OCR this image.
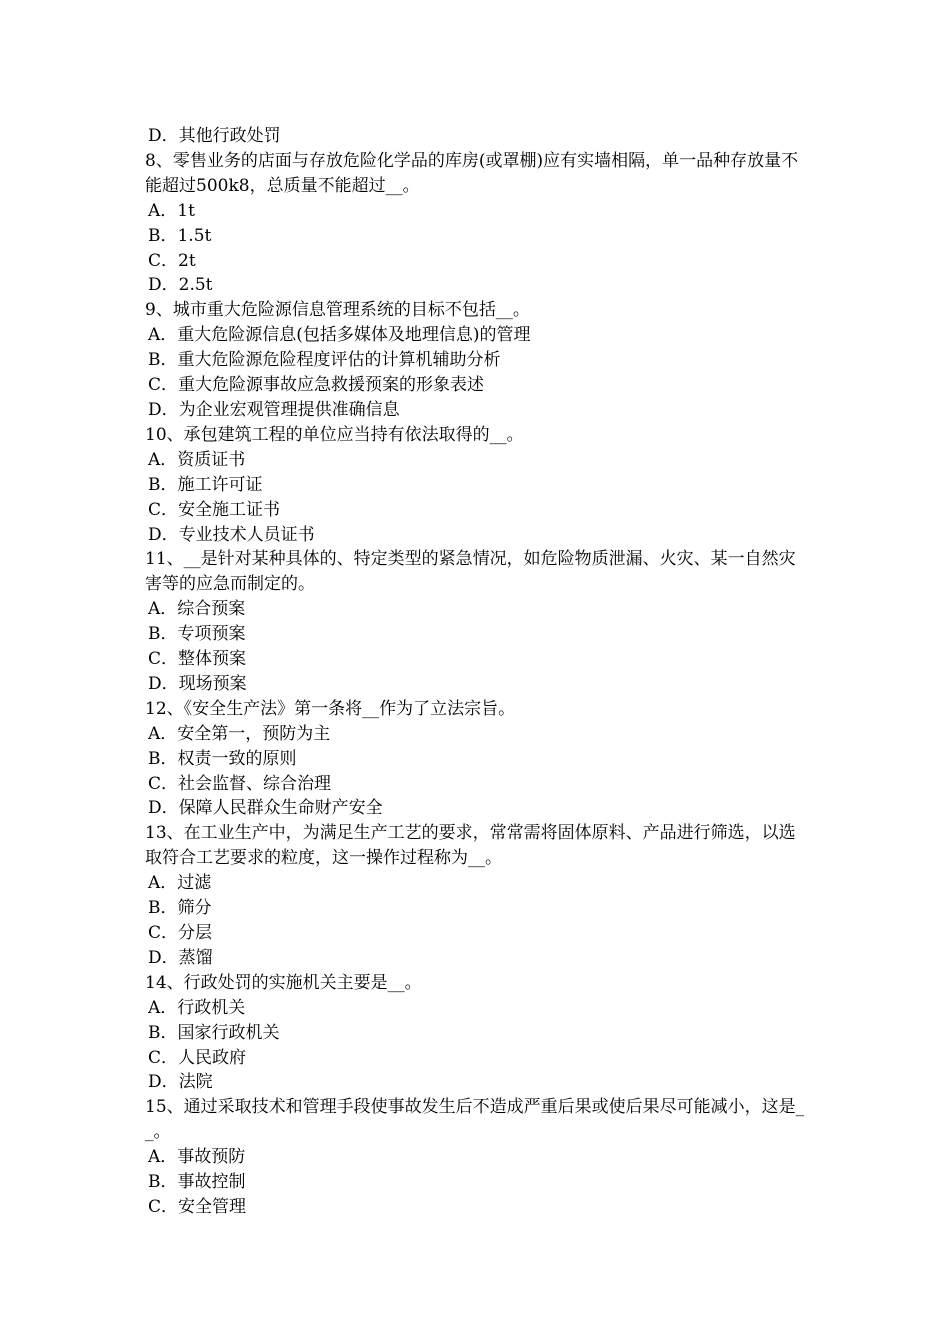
D．其他行政处罚
8、零售业务的店面与存放危险化学品的库房(或罩棚)应有实墙相隔，单一品种存放量不能超过500k8，总质量不能超过__。
A．1t
B．1.5t
C．2t
D．2.5t
9、城市重大危险源信息管理系统的目标不包括__。
A．重大危险源信息(包括多媒体及地理信息)的管理
B．重大危险源危险程度评估的计算机辅助分析
C．重大危险源事故应急救援预案的形象表述
D．为企业宏观管理提供准确信息
10、承包建筑工程的单位应当持有依法取得的__。
A．资质证书
B．施工许可证
C．安全施工证书
D．专业技术人员证书
11、__是针对某种具体的、特定类型的紧急情况，如危险物质泄漏、火灾、某一自然灾害等的应急而制定的。
A．综合预案
B．专项预案
C．整体预案
D．现场预案
12、《安全生产法》第一条将__作为了立法宗旨。
A．安全第一，预防为主
B．权责一致的原则
C．社会监督、综合治理
D．保障人民群众生命财产安全
13、在工业生产中，为满足生产工艺的要求，常常需将固体原料、产品进行筛选，以选取符合工艺要求的粒度，这一操作过程称为__。
A．过滤
B．筛分
C．分层
D．蒸馏
14、行政处罚的实施机关主要是__。
A．行政机关
B．国家行政机关
C．人民政府
D．法院
15、通过采取技术和管理手段使事故发生后不造成严重后果或使后果尽可能减小，这是__。
A．事故预防
B．事故控制
C．安全管理
